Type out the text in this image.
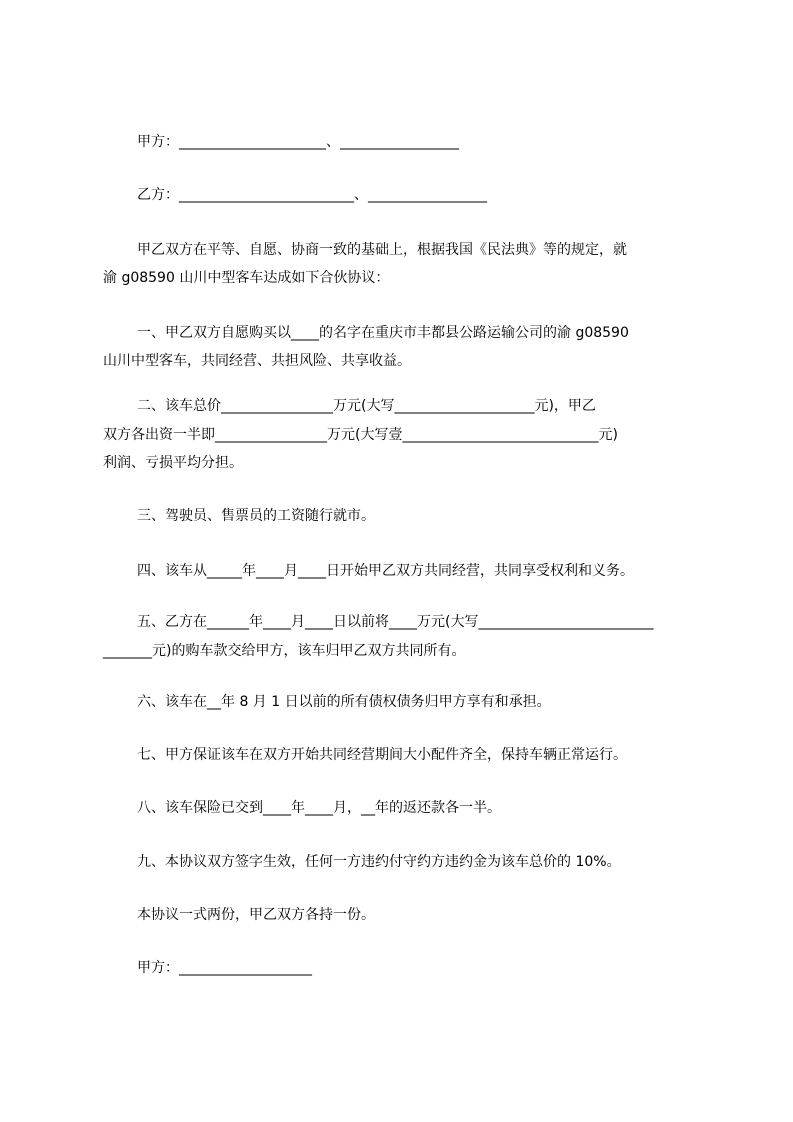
甲方：_____________________、_________________
乙方：_________________________、_________________
甲乙双方在平等、自愿、协商一致的基础上，根据我国《民法典》等的规定，就
渝 g08590 山川中型客车达成如下合伙协议：
一、甲乙双方自愿购买以____的名字在重庆市丰都县公路运输公司的渝 g08590
山川中型客车，共同经营、共担风险、共享收益。
二、该车总价________________万元(大写____________________元)，甲乙
双方各出资一半即________________万元(大写壹____________________________元)
利润、亏损平均分担。
三、驾驶员、售票员的工资随行就市。
四、该车从_____年____月____日开始甲乙双方共同经营，共同享受权利和义务。
五、乙方在______年____月____日以前将____万元(大写_________________________
_______元)的购车款交给甲方，该车归甲乙双方共同所有。
六、该车在__年 8 月 1 日以前的所有债权债务归甲方享有和承担。
七、甲方保证该车在双方开始共同经营期间大小配件齐全，保持车辆正常运行。
八、该车保险已交到____年____月，__年的返还款各一半。
九、本协议双方签字生效，任何一方违约付守约方违约金为该车总价的 10%。
本协议一式两份，甲乙双方各持一份。
甲方：___________________
